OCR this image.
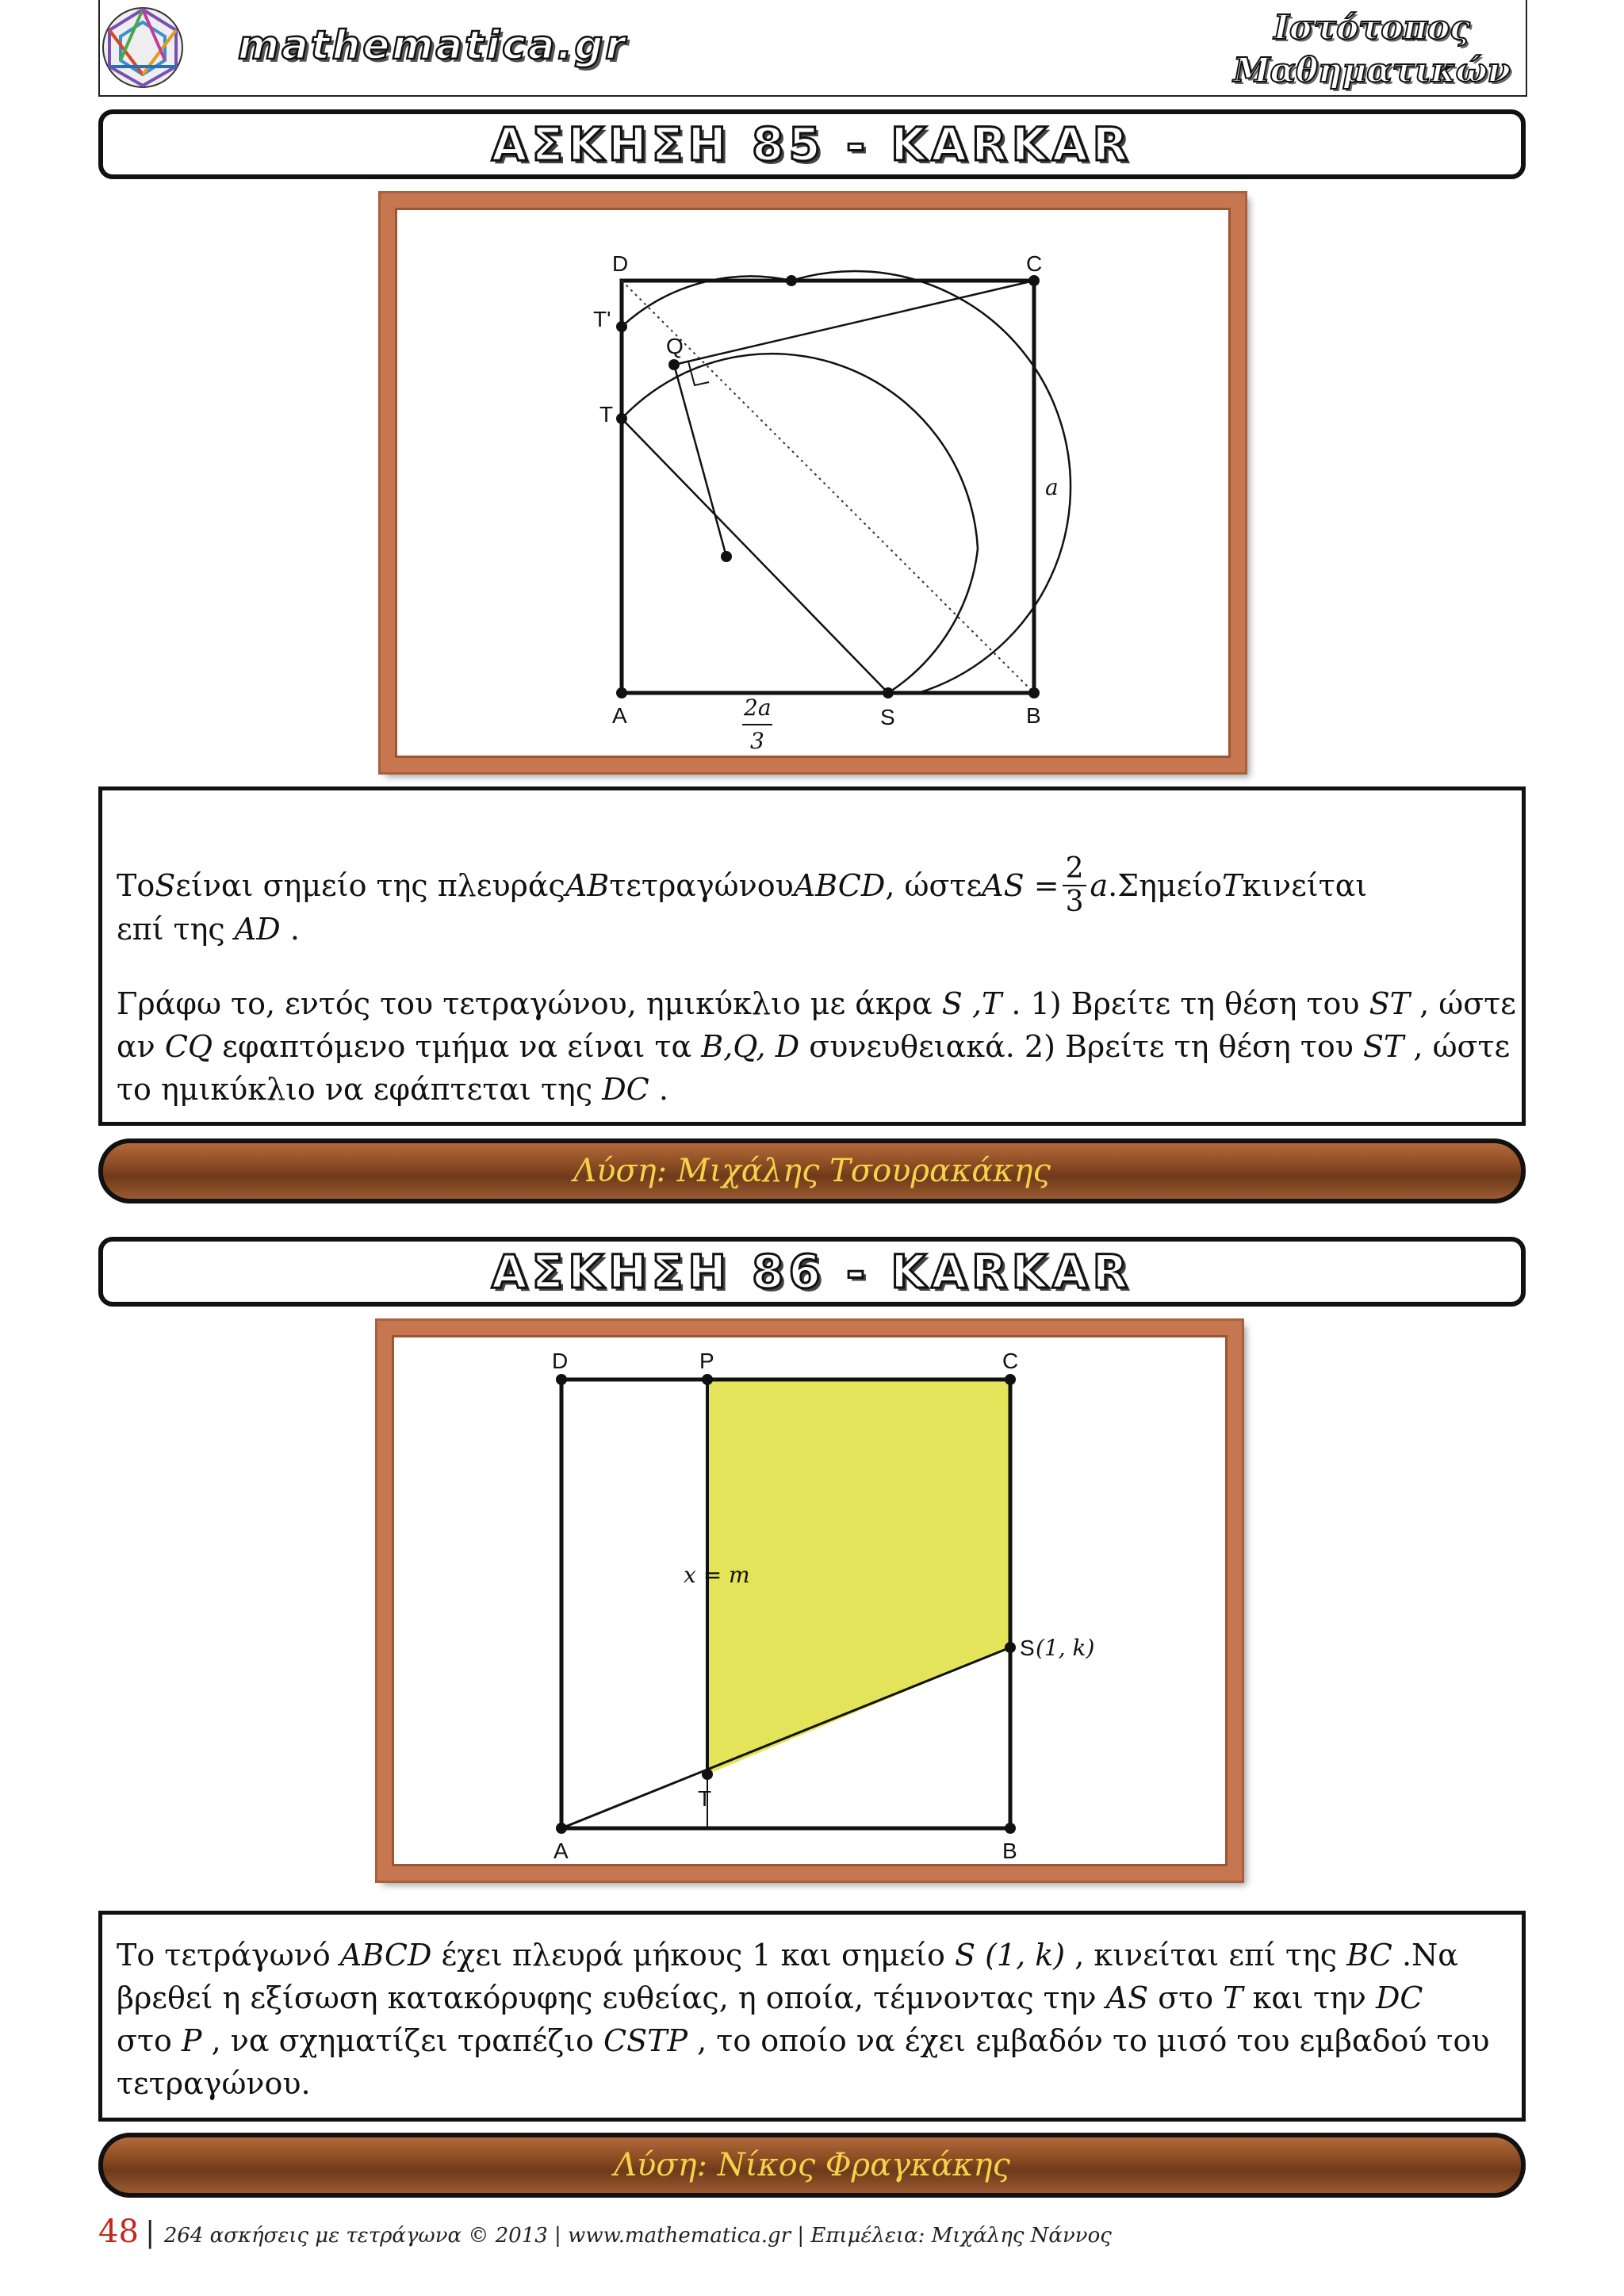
mathematica.gr	Ιστότοπος
Μαθηματικών
ΑΣΚΗΣΗ 85 - KARKAR
D	C
T'
Q
T
a
A	S	B
2a
3
Το S είναι σημείο της πλευράς AB τετραγώνου ABCD , ώστε AS = $\frac{2}{3}$ a .Σημείο T κινείται
επί της AD .
Γράφω το, εντός του τετραγώνου, ημικύκλιο με άκρα S ,T . 1) Βρείτε τη θέση του ST , ώστε
αν CQ εφαπτόμενο τμήμα να είναι τα B,Q, D συνευθειακά. 2) Βρείτε τη θέση του ST , ώστε
το ημικύκλιο να εφάπτεται της DC .
Λύση: Μιχάλης Τσουρακάκης
ΑΣΚΗΣΗ 86 - KARKAR
D	P	C
x = m
S (1, k)
T
A	B
Το τετράγωνό ABCD έχει πλευρά μήκους 1 και σημείο S (1, k) , κινείται επί της BC .Να
βρεθεί η εξίσωση κατακόρυφης ευθείας, η οποία, τέμνοντας την AS στο T και την DC
στο P , να σχηματίζει τραπέζιο CSTP , το οποίο να έχει εμβαδόν το μισό του εμβαδού του
τετραγώνου.
Λύση: Νίκος Φραγκάκης
48 | 264 ασκήσεις με τετράγωνα © 2013 | www.mathematica.gr | Επιμέλεια: Μιχάλης Νάννος
